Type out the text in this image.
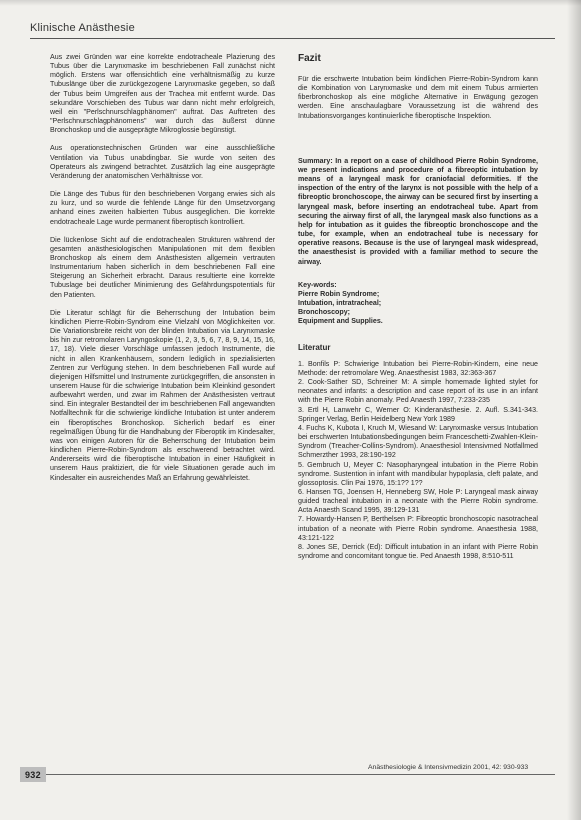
Klinische Anästhesie

Aus zwei Gründen war eine korrekte endotracheale Plazierung des Tubus über die Larynxmaske im beschriebenen Fall zunächst nicht möglich. Erstens war offensichtlich eine verhältnismäßig zu kurze Tubuslänge über die zurückgezogene Larynxmaske gegeben, so daß der Tubus beim Umgreifen aus der Trachea mit entfernt wurde. Das sekundäre Vorschieben des Tubus war dann nicht mehr erfolgreich, weil ein "Perlschnurschlagphänomen" auftrat. Das Auftreten des "Perlschnurschlagphänomens" war durch das äußerst dünne Bronchoskop und die ausgeprägte Mikroglossie begünstigt.

Aus operationstechnischen Gründen war eine ausschließliche Ventilation via Tubus unabdingbar. Sie wurde von seiten des Operateurs als zwingend betrachtet. Zusätzlich lag eine ausgeprägte Veränderung der anatomischen Verhältnisse vor.

Die Länge des Tubus für den beschriebenen Vorgang erwies sich als zu kurz, und so wurde die fehlende Länge für den Umsetzvorgang anhand eines zweiten halbierten Tubus ausgeglichen. Die korrekte endotracheale Lage wurde permanent fiberoptisch kontrolliert.

Die lückenlose Sicht auf die endotrachealen Strukturen während der gesamten anästhesiologischen Manipulationen mit dem flexiblen Bronchoskop als einem dem Anästhesisten allgemein vertrauten Instrumentarium haben sicherlich in dem beschriebenen Fall eine Steigerung an Sicherheit erbracht. Daraus resultierte eine korrekte Tubuslage bei deutlicher Minimierung des Gefährdungspotentials für den Patienten.

Die Literatur schlägt für die Beherrschung der Intubation beim kindlichen Pierre-Robin-Syndrom eine Vielzahl von Möglichkeiten vor. Die Variationsbreite reicht von der blinden Intubation via Larynxmaske bis hin zur retromolaren Laryngoskopie (1, 2, 3, 5, 6, 7, 8, 9, 14, 15, 16, 17, 18). Viele dieser Vorschläge umfassen jedoch Instrumente, die nicht in allen Krankenhäusern, sondern lediglich in spezialisierten Zentren zur Verfügung stehen. In dem beschriebenen Fall wurde auf diejenigen Hilfsmittel und Instrumente zurückgegriffen, die ansonsten in unserem Hause für die schwierige Intubation beim Kleinkind gesondert aufbewahrt werden, und zwar im Rahmen der Anästhesisten vertraut sind. Ein integraler Bestandteil der im beschriebenen Fall angewandten Notfalltechnik für die schwierige kindliche Intubation ist unter anderem ein fiberoptisches Bronchoskop. Sicherlich bedarf es einer regelmäßigen Übung für die Handhabung der Fiberoptik im Kindesalter, was von einigen Autoren für die Beherrschung der Intubation beim kindlichen Pierre-Robin-Syndrom als erschwerend betrachtet wird. Andererseits wird die fiberoptische Intubation in einer Häufigkeit in unserem Haus praktiziert, die für viele Situationen gerade auch im Kindesalter ein ausreichendes Maß an Erfahrung gewährleistet.

Fazit

Für die erschwerte Intubation beim kindlichen Pierre-Robin-Syndrom kann die Kombination von Larynxmaske und dem mit einem Tubus armierten fiberbronchoskop als eine mögliche Alternative in Erwägung gezogen werden. Eine anschaulagbare Voraussetzung ist die während des Intubationsvorganges kontinuierliche fiberoptische Inspektion.

Summary: In a report on a case of childhood Pierre Robin Syndrome, we present indications and procedure of a fibreoptic intubation by means of a laryngeal mask for craniofacial deformities. If the inspection of the entry of the larynx is not possible with the help of a fibreoptic bronchoscope, the airway can be secured first by inserting a laryngeal mask, before inserting an endotracheal tube. Apart from securing the airway first of all, the laryngeal mask also functions as a help for intubation as it guides the fibreoptic bronchoscope and the tube, for example, when an endotracheal tube is necessary for operative reasons. Because is the use of laryngeal mask widespread, the anaesthesist is provided with a familiar method to secure the airway.

Key-words:
Pierre Robin Syndrome;
Intubation, intratracheal;
Bronchoscopy;
Equipment and Supplies.
Literatur
1. Bonfils P: Schwierige Intubation bei Pierre-Robin-Kindern, eine neue Methode: der retromolare Weg. Anaesthesist 1983, 32:363-367
2. Cook-Sather SD, Schreiner M: A simple homemade lighted stylet for neonates and infants: a description and case report of its use in an infant with the Pierre Robin anomaly. Ped Anaesth 1997, 7:233-235
3. Ertl H, Lanwehr C, Werner O: Kinderanästhesie. 2. Aufl. S.341-343. Springer Verlag, Berlin Heidelberg New York 1989
4. Fuchs K, Kubota I, Kruch M, Wiesand W: Larynxmaske versus Intubation bei erschwerten Intubationsbedingungen beim Franceschetti-Zwahlen-Klein-Syndrom (Treacher-Collins-Syndrom). Anaesthesiol Intensivmed Notfallmed Schmerzther 1993, 28:190-192
5. Gembruch U, Meyer C: Nasopharyngeal intubation in the Pierre Robin syndrome. Sustention in infant with mandibular hypoplasia, cleft palate, and glossoptosis. Clin Pai 1976, 15:1?? 1??
6. Hansen TG, Joensen H, Henneberg SW, Hole P: Laryngeal mask airway guided tracheal intubation in a neonate with the Pierre Robin syndrome. Acta Anaesth Scand 1995, 39:129-131
7. Howardy-Hansen P, Berthelsen P: Fibreoptic bronchoscopic nasotracheal intubation of a neonate with Pierre Robin syndrome. Anaesthesia 1988, 43:121-122
8. Jones SE, Derrick (Ed): Difficult intubation in an infant with Pierre Robin syndrome and concomitant tongue tie. Ped Anaesth 1998, 8:510-511
932
Anästhesiologie & Intensivmedizin 2001, 42: 930-933
